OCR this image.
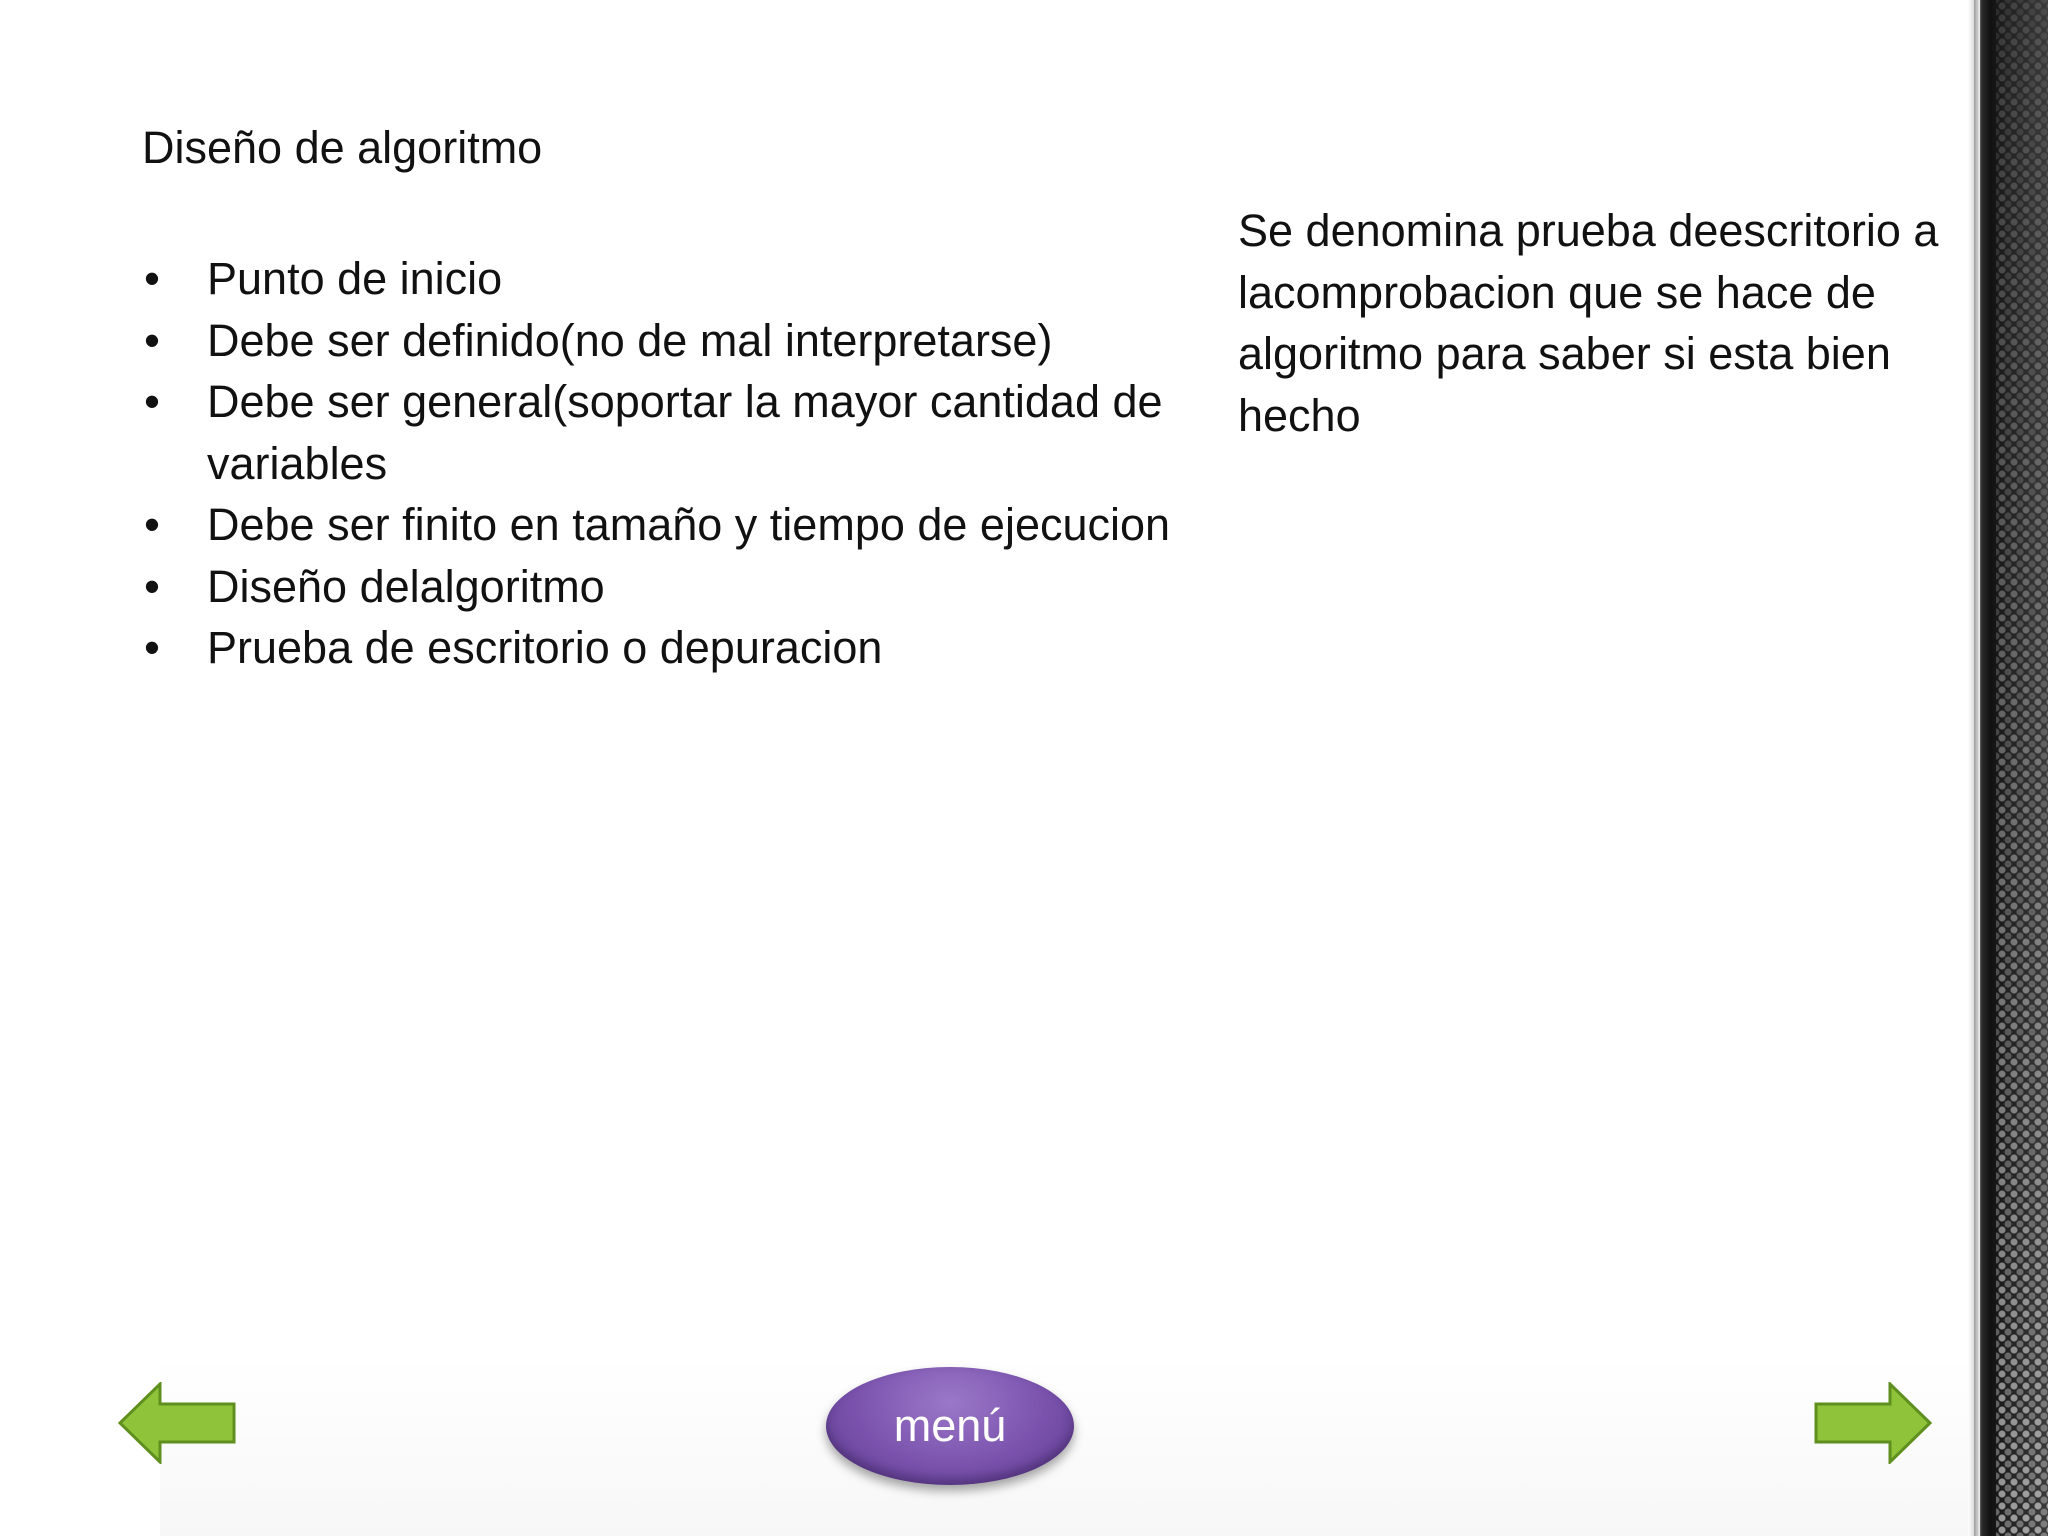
Diseño de algoritmo
• Punto de inicio
• Debe ser definido(no de mal interpretarse)
• Debe ser general(soportar la mayor cantidad de variables
• Debe ser finito en tamaño y tiempo de ejecucion
• Diseño delalgoritmo
• Prueba de escritorio o depuracion
Se denomina prueba deescritorio a lacomprobacion que se hace de algoritmo para saber si esta bien hecho
menú
